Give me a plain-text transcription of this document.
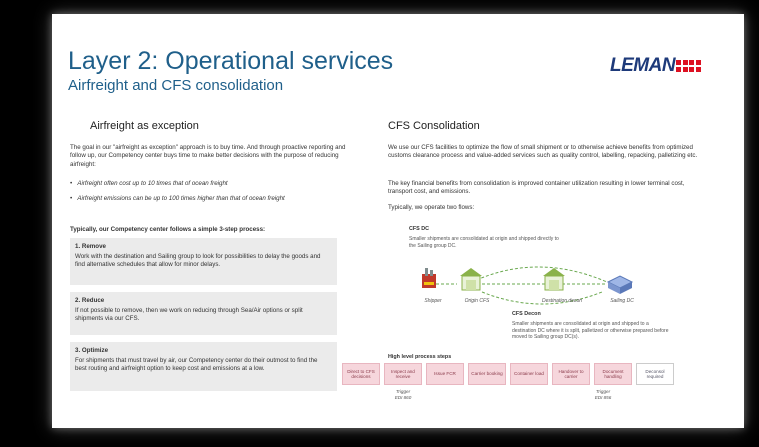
Layer 2: Operational services
Airfreight and CFS consolidation
LEMAN
Airfreight as exception
The goal in our "airfreight as exception" approach is to buy time. And through proactive reporting and follow up, our Competency center buys time to make better decisions with the purpose of reducing airfreight:
•   Airfreight often cost up to 10 times that of ocean freight
•   Airfreight emissions can be up to 100 times higher than that of ocean freight
Typically, our Competency center follows a simple 3-step process:
1. Remove
Work with the destination and Sailing group to look for possibilities to delay the goods and find alternative schedules that allow for minor delays.
2. Reduce
If not possible to remove, then we work on reducing through Sea/Air options or split shipments via our CFS.
3. Optimize
For shipments that must travel by air, our Competency center do their outmost to find the best routing and airfreight option to keep cost and emissions at a low.
CFS Consolidation
We use our CFS facilities to optimize the flow of small shipment or to otherwise achieve benefits from optimized customs clearance process and value-added services such as quality control, labelling, repacking, palletizing etc.
The key financial benefits from consolidation is improved container utilization resulting in lower terminal cost, transport cost, and emissions.
Typically, we operate two flows:
CFS DC
Smaller shipments are consolidated at origin and shipped directly to the Sailing group DC.
Shipper	Origin CFS	Destination decon	Sailing DC
CFS Decon
Smaller shipments are consolidated at origin and shipped to a destination DC where it is split, palletized or otherwise prepared before moved to Sailing group DC(s).
High level process steps
Direct to CFS decisions
Inspect and receive
Issue FCR	Carrier booking	Container load
Handover to carrier
Document handling
Deconsol required
Trigger
EDI 860
Trigger
EDI 856
